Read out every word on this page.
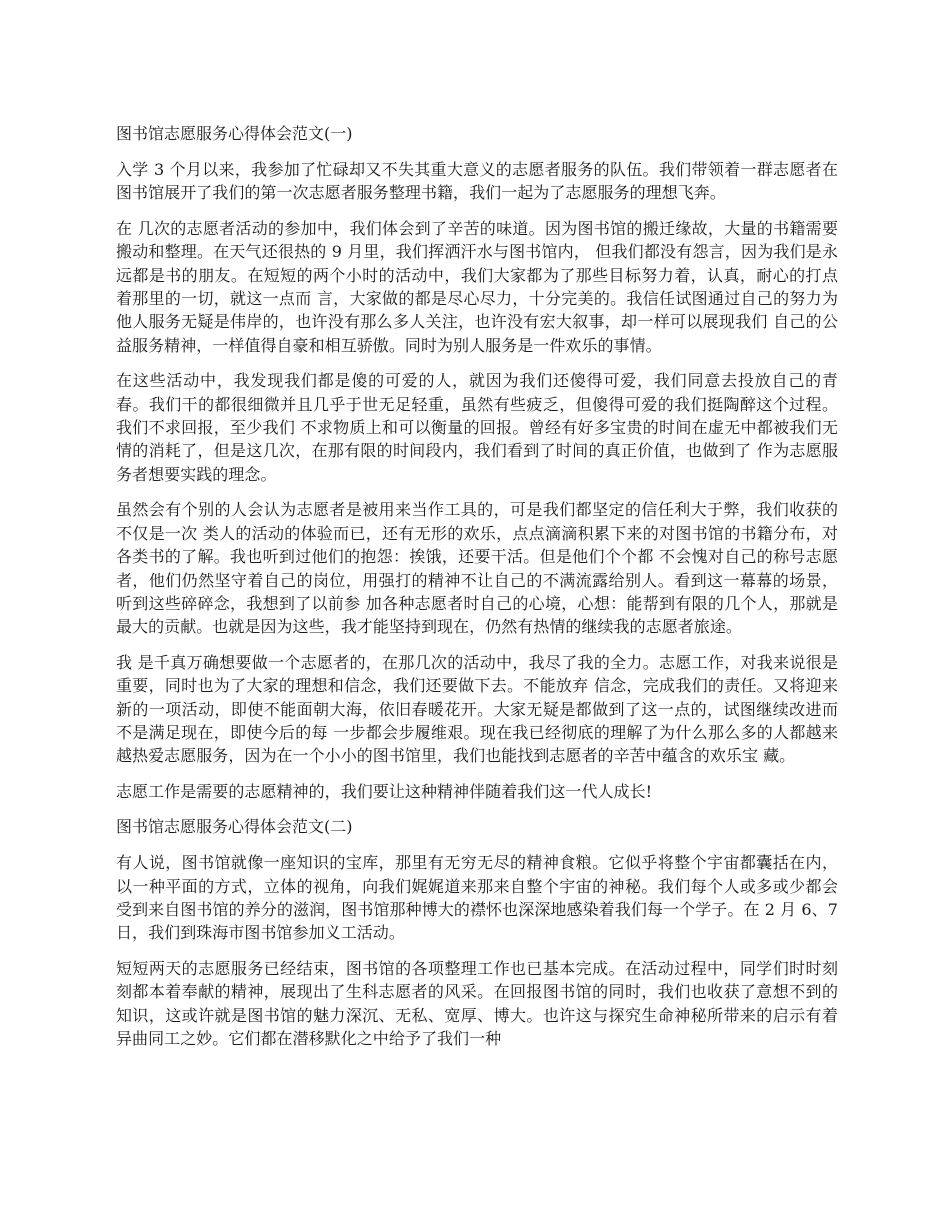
图书馆志愿服务心得体会范文(一)
入学 3 个月以来，我参加了忙碌却又不失其重大意义的志愿者服务的队伍。我们带领着一群志愿者在图书馆展开了我们的第一次志愿者服务整理书籍，我们一起为了志愿服务的理想飞奔。
在 几次的志愿者活动的参加中，我们体会到了辛苦的味道。因为图书馆的搬迁缘故，大量的书籍需要搬动和整理。在天气还很热的 9 月里，我们挥洒汗水与图书馆内， 但我们都没有怨言，因为我们是永远都是书的朋友。在短短的两个小时的活动中，我们大家都为了那些目标努力着，认真，耐心的打点着那里的一切，就这一点而 言，大家做的都是尽心尽力，十分完美的。我信任试图通过自己的努力为他人服务无疑是伟岸的，也许没有那么多人关注，也许没有宏大叙事，却一样可以展现我们 自己的公益服务精神，一样值得自豪和相互骄傲。同时为别人服务是一件欢乐的事情。
在这些活动中，我发现我们都是傻的可爱的人，就因为我们还傻得可爱，我们同意去投放自己的青春。我们干的都很细微并且几乎于世无足轻重，虽然有些疲乏，但傻得可爱的我们挺陶醉这个过程。我们不求回报，至少我们 不求物质上和可以衡量的回报。曾经有好多宝贵的时间在虚无中都被我们无情的消耗了，但是这几次，在那有限的时间段内，我们看到了时间的真正价值，也做到了 作为志愿服务者想要实践的理念。
虽然会有个别的人会认为志愿者是被用来当作工具的，可是我们都坚定的信任利大于弊，我们收获的不仅是一次 类人的活动的体验而已，还有无形的欢乐，点点滴滴积累下来的对图书馆的书籍分布，对各类书的了解。我也听到过他们的抱怨：挨饿，还要干活。但是他们个个都 不会愧对自己的称号志愿者，他们仍然坚守着自己的岗位，用强打的精神不让自己的不满流露给别人。看到这一幕幕的场景，听到这些碎碎念，我想到了以前参 加各种志愿者时自己的心境，心想：能帮到有限的几个人，那就是最大的贡献。也就是因为这些，我才能坚持到现在，仍然有热情的继续我的志愿者旅途。
我 是千真万确想要做一个志愿者的，在那几次的活动中，我尽了我的全力。志愿工作，对我来说很是重要，同时也为了大家的理想和信念，我们还要做下去。不能放弃 信念，完成我们的责任。又将迎来新的一项活动，即使不能面朝大海，依旧春暖花开。大家无疑是都做到了这一点的，试图继续改进而不是满足现在，即使今后的每 一步都会步履维艰。现在我已经彻底的理解了为什么那么多的人都越来越热爱志愿服务，因为在一个小小的图书馆里，我们也能找到志愿者的辛苦中蕴含的欢乐宝 藏。
志愿工作是需要的志愿精神的，我们要让这种精神伴随着我们这一代人成长!
图书馆志愿服务心得体会范文(二)
有人说，图书馆就像一座知识的宝库，那里有无穷无尽的精神食粮。它似乎将整个宇宙都囊括在内，以一种平面的方式，立体的视角，向我们娓娓道来那来自整个宇宙的神秘。我们每个人或多或少都会受到来自图书馆的养分的滋润，图书馆那种博大的襟怀也深深地感染着我们每一个学子。在 2 月 6、7 日，我们到珠海市图书馆参加义工活动。
短短两天的志愿服务已经结束，图书馆的各项整理工作也已基本完成。在活动过程中，同学们时时刻刻都本着奉献的精神，展现出了生科志愿者的风采。在回报图书馆的同时，我们也收获了意想不到的知识，这或许就是图书馆的魅力深沉、无私、宽厚、博大。也许这与探究生命神秘所带来的启示有着异曲同工之妙。它们都在潜移默化之中给予了我们一种
